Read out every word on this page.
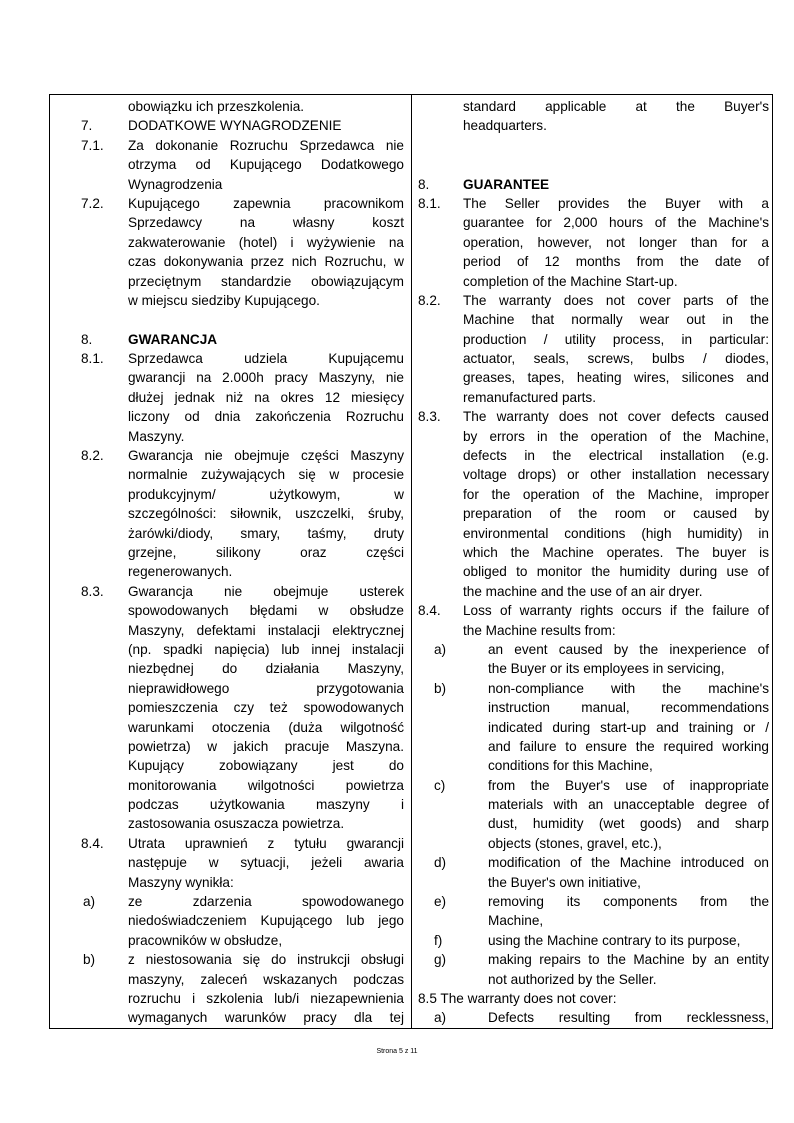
obowiązku ich przeszkolenia.
7.	DODATKOWE WYNAGRODZENIE
7.1.	Za dokonanie Rozruchu Sprzedawca nie
otrzyma od Kupującego Dodatkowego
Wynagrodzenia
7.2.	Kupującego zapewnia pracownikom
Sprzedawcy na własny koszt
zakwaterowanie (hotel) i wyżywienie na
czas dokonywania przez nich Rozruchu, w
przeciętnym standardzie obowiązującym
w miejscu siedziby Kupującego.
8.	GWARANCJA
8.1.	Sprzedawca udziela Kupującemu
gwarancji na 2.000h pracy Maszyny, nie
dłużej jednak niż na okres 12 miesięcy
liczony od dnia zakończenia Rozruchu
Maszyny.
8.2.	Gwarancja nie obejmuje części Maszyny
normalnie zużywających się w procesie
produkcyjnym/ użytkowym, w
szczególności: siłownik, uszczelki, śruby,
żarówki/diody, smary, taśmy, druty
grzejne, silikony oraz części
regenerowanych.
8.3.	Gwarancja nie obejmuje usterek
spowodowanych błędami w obsłudze
Maszyny, defektami instalacji elektrycznej
(np. spadki napięcia) lub innej instalacji
niezbędnej do działania Maszyny,
nieprawidłowego przygotowania
pomieszczenia czy też spowodowanych
warunkami otoczenia (duża wilgotność
powietrza) w jakich pracuje Maszyna.
Kupujący zobowiązany jest do
monitorowania wilgotności powietrza
podczas użytkowania maszyny i
zastosowania osuszacza powietrza.
8.4.	Utrata uprawnień z tytułu gwarancji
następuje w sytuacji, jeżeli awaria
Maszyny wynikła:
a)	ze zdarzenia spowodowanego
niedoświadczeniem Kupującego lub jego
pracowników w obsłudze,
b)	z niestosowania się do instrukcji obsługi
maszyny, zaleceń wskazanych podczas
rozruchu i szkolenia lub/i niezapewnienia
wymaganych warunków pracy dla tej

standard applicable at the Buyer's
headquarters.
8.	GUARANTEE
8.1.	The Seller provides the Buyer with a
guarantee for 2,000 hours of the Machine's
operation, however, not longer than for a
period of 12 months from the date of
completion of the Machine Start-up.
8.2.	The warranty does not cover parts of the
Machine that normally wear out in the
production / utility process, in particular:
actuator, seals, screws, bulbs / diodes,
greases, tapes, heating wires, silicones and
remanufactured parts.
8.3.	The warranty does not cover defects caused
by errors in the operation of the Machine,
defects in the electrical installation (e.g.
voltage drops) or other installation necessary
for the operation of the Machine, improper
preparation of the room or caused by
environmental conditions (high humidity) in
which the Machine operates. The buyer is
obliged to monitor the humidity during use of
the machine and the use of an air dryer.
8.4.	Loss of warranty rights occurs if the failure of
the Machine results from:
a)	an event caused by the inexperience of
the Buyer or its employees in servicing,
b)	non-compliance with the machine's
instruction manual, recommendations
indicated during start-up and training or /
and failure to ensure the required working
conditions for this Machine,
c)	from the Buyer's use of inappropriate
materials with an unacceptable degree of
dust, humidity (wet goods) and sharp
objects (stones, gravel, etc.),
d)	modification of the Machine introduced on
the Buyer's own initiative,
e)	removing its components from the
Machine,
f)	using the Machine contrary to its purpose,
g)	making repairs to the Machine by an entity
not authorized by the Seller.
8.5 The warranty does not cover:
a)	Defects resulting from recklessness,
Strona 5 z 11
